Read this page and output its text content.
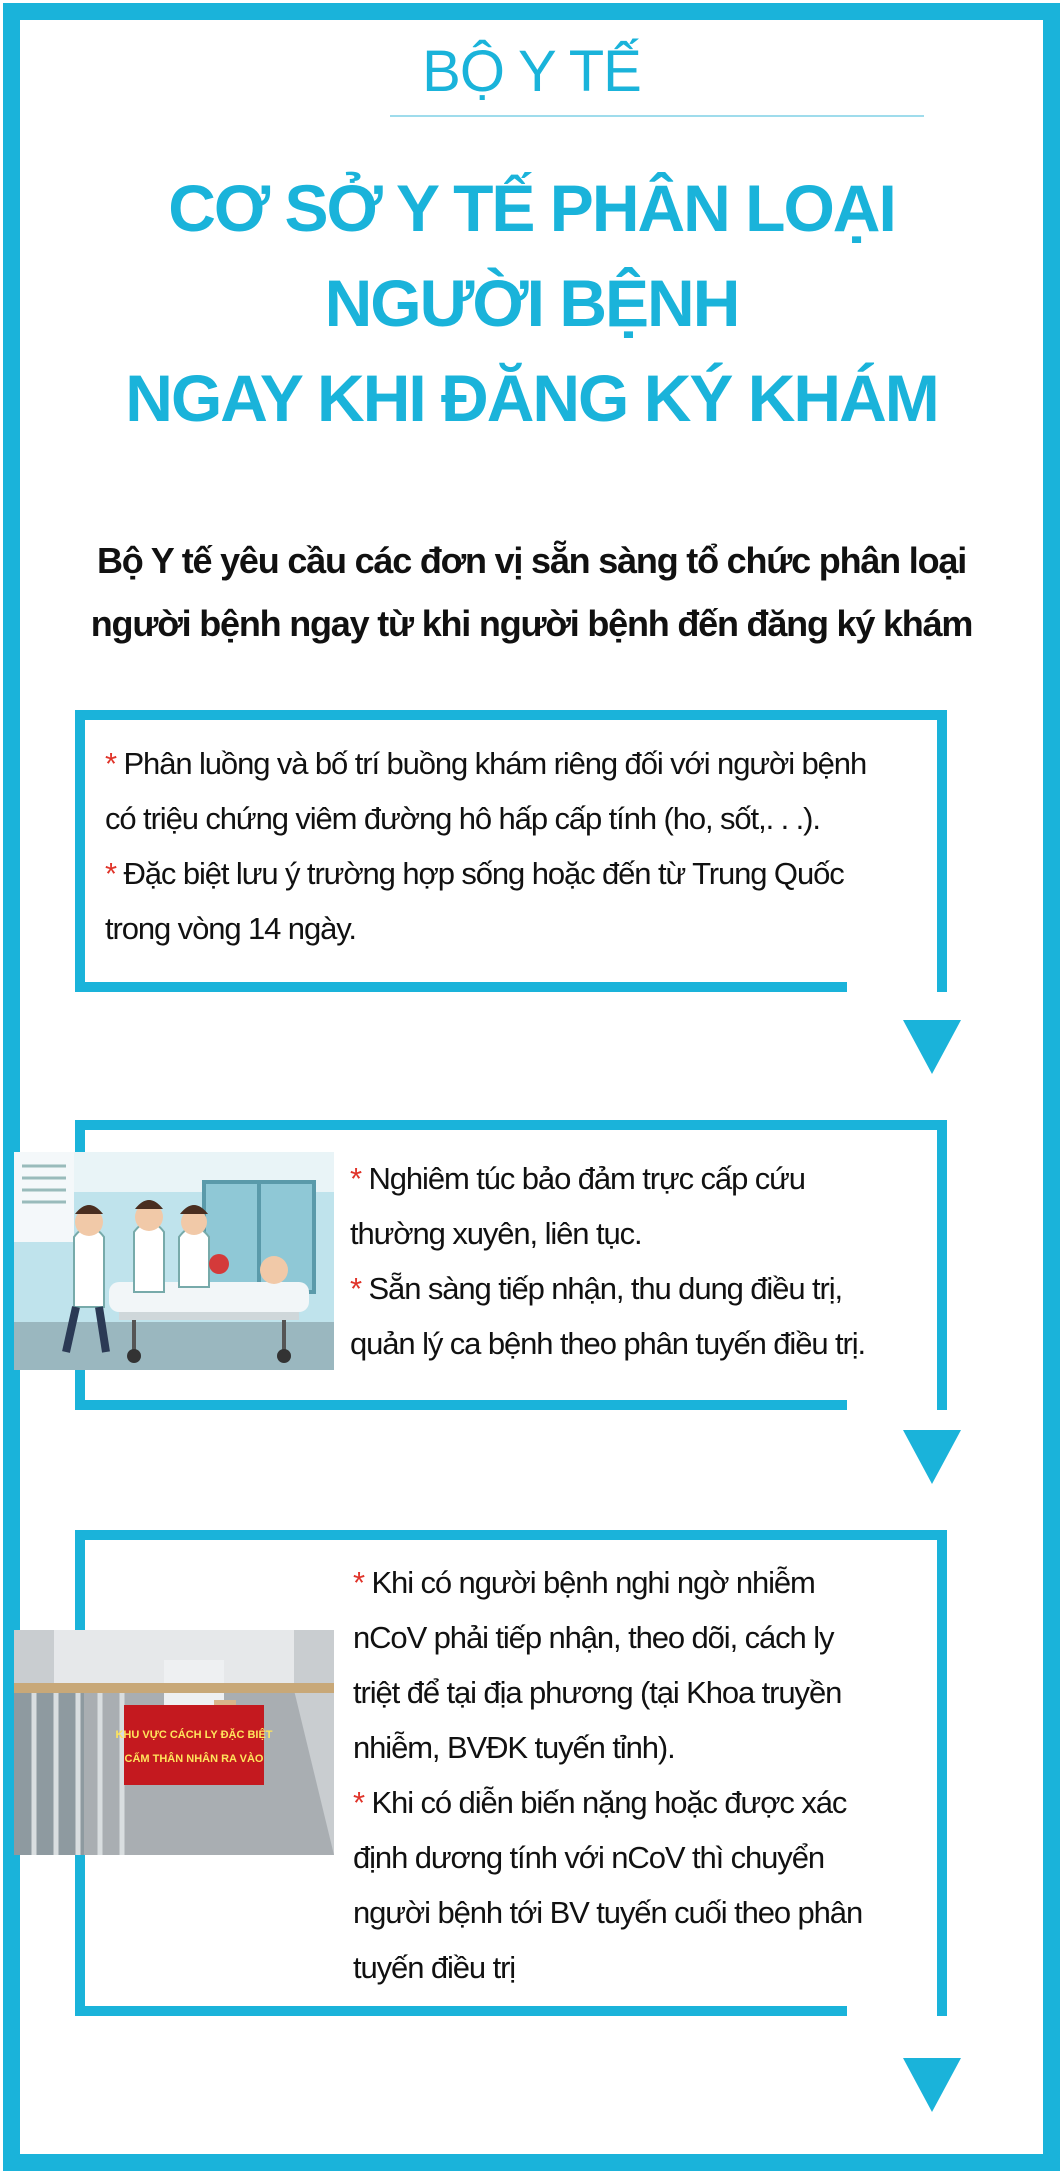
BỘ Y TẾ
CƠ SỞ Y TẾ PHÂN LOẠI
NGƯỜI BỆNH
NGAY KHI ĐĂNG KÝ KHÁM
Bộ Y tế yêu cầu các đơn vị sẵn sàng tổ chức phân loại
người bệnh ngay từ khi người bệnh đến đăng ký khám
* Phân luồng và bố trí buồng khám riêng đối với người bệnh
có triệu chứng viêm đường hô hấp cấp tính (ho, sốt,. . .).
* Đặc biệt lưu ý trường hợp sống hoặc đến từ Trung Quốc
trong vòng 14 ngày.
* Nghiêm túc bảo đảm trực cấp cứu
thường xuyên, liên tục.
* Sẵn sàng tiếp nhận, thu dung điều trị,
quản lý ca bệnh theo phân tuyến điều trị.
KHU VỰC CÁCH LY ĐẶC BIỆT
CẤM THÂN NHÂN RA VÀO
* Khi có người bệnh nghi ngờ nhiễm
nCoV phải tiếp nhận, theo dõi, cách ly
triệt để tại địa phương (tại Khoa truyền
nhiễm, BVĐK tuyến tỉnh).
* Khi có diễn biến nặng hoặc được xác
định dương tính với nCoV thì chuyển
người bệnh tới BV tuyến cuối theo phân
tuyến điều trị
